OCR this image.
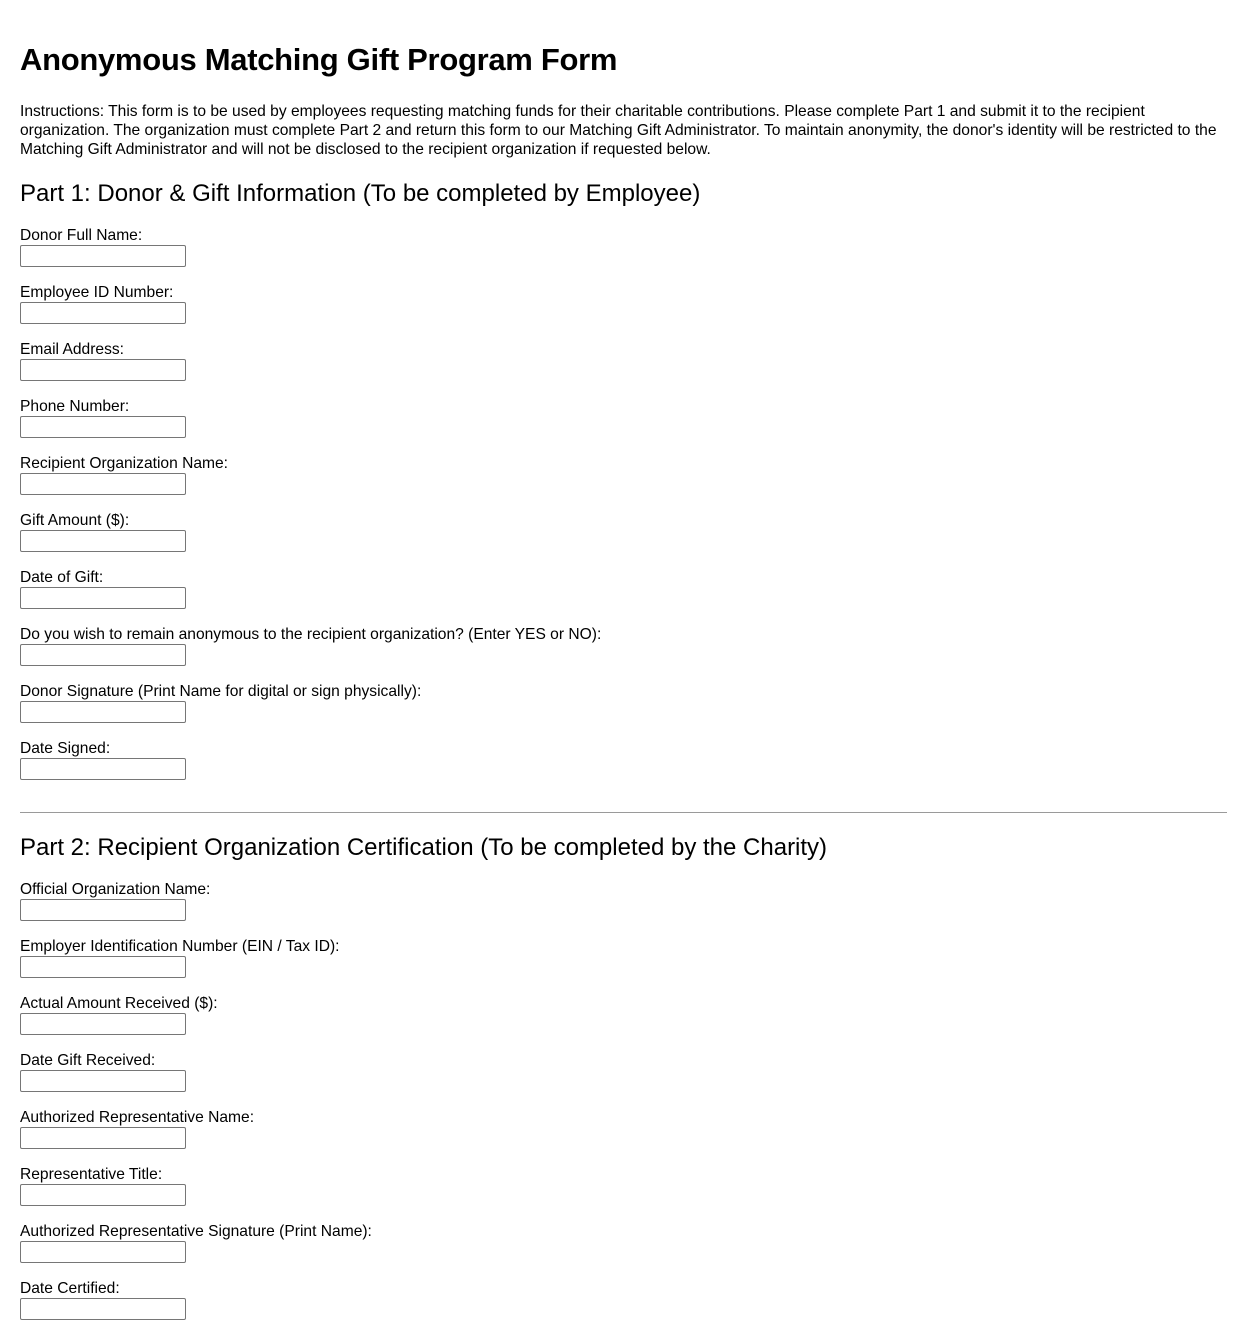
Anonymous Matching Gift Program Form

Instructions: This form is to be used by employees requesting matching funds for their charitable contributions. Please complete Part 1 and submit it to the recipient organization. The organization must complete Part 2 and return this form to our Matching Gift Administrator. To maintain anonymity, the donor's identity will be restricted to the Matching Gift Administrator and will not be disclosed to the recipient organization if requested below.

Part 1: Donor & Gift Information (To be completed by Employee)
Donor Full Name:
Employee ID Number:
Email Address:
Phone Number:
Recipient Organization Name:
Gift Amount ($):
Date of Gift:
Do you wish to remain anonymous to the recipient organization? (Enter YES or NO):
Donor Signature (Print Name for digital or sign physically):
Date Signed:
Part 2: Recipient Organization Certification (To be completed by the Charity)
Official Organization Name:
Employer Identification Number (EIN / Tax ID):
Actual Amount Received ($):
Date Gift Received:
Authorized Representative Name:
Representative Title:
Authorized Representative Signature (Print Name):
Date Certified:
